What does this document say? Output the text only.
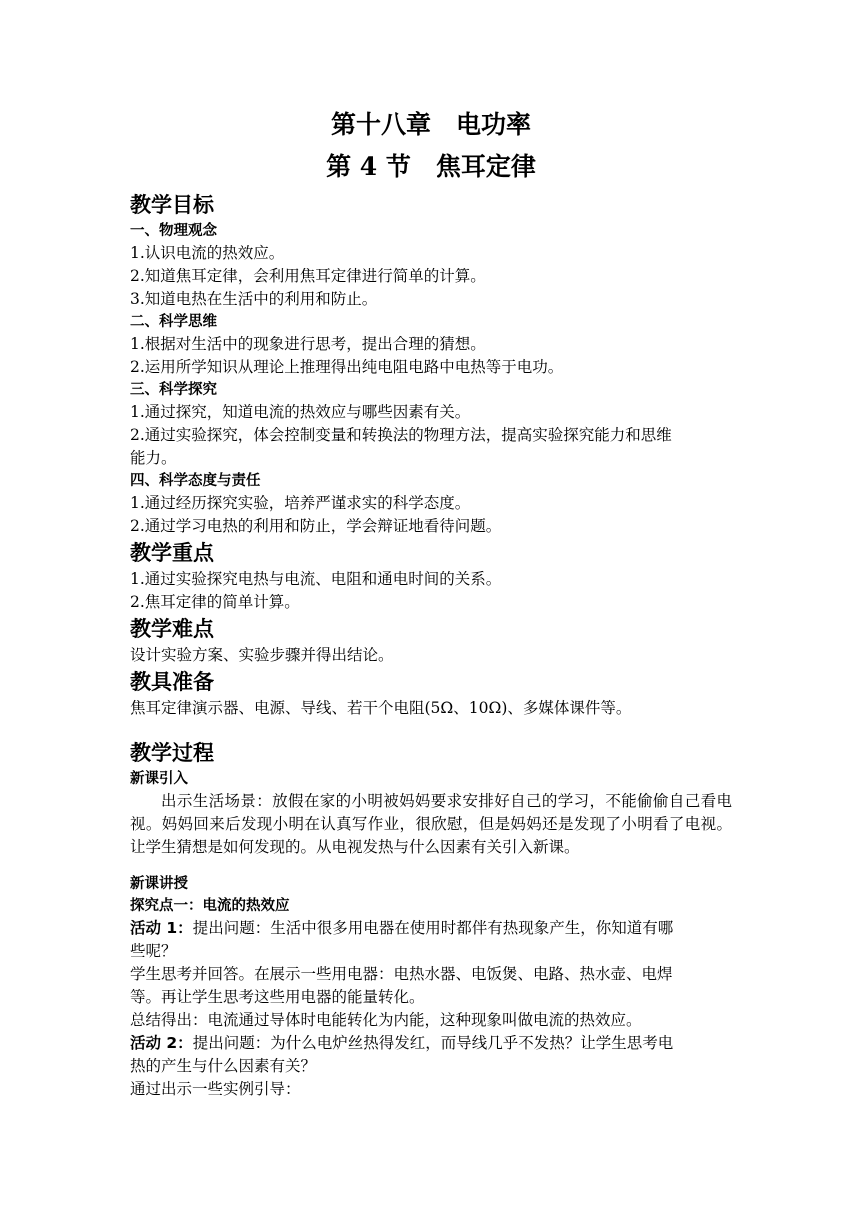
第十八章　电功率
第 4 节　焦耳定律
教学目标
一、物理观念

1.认识电流的热效应。

2.知道焦耳定律，会利用焦耳定律进行简单的计算。

3.知道电热在生活中的利用和防止。

二、科学思维

1.根据对生活中的现象进行思考，提出合理的猜想。

2.运用所学知识从理论上推理得出纯电阻电路中电热等于电功。

三、科学探究

1.通过探究，知道电流的热效应与哪些因素有关。

2.通过实验探究，体会控制变量和转换法的物理方法，提高实验探究能力和思维

能力。

四、科学态度与责任

1.通过经历探究实验，培养严谨求实的科学态度。

2.通过学习电热的利用和防止，学会辩证地看待问题。

教学重点

1.通过实验探究电热与电流、电阻和通电时间的关系。

2.焦耳定律的简单计算。

教学难点

设计实验方案、实验步骤并得出结论。

教具准备

焦耳定律演示器、电源、导线、若干个电阻(5Ω、10Ω)、多媒体课件等。

教学过程
新课引入

出示生活场景：放假在家的小明被妈妈要求安排好自己的学习，不能偷偷自己看电视。妈妈回来后发现小明在认真写作业，很欣慰，但是妈妈还是发现了小明看了电视。让学生猜想是如何发现的。从电视发热与什么因素有关引入新课。

新课讲授
探究点一：电流的热效应

活动 1：提出问题：生活中很多用电器在使用时都伴有热现象产生，你知道有哪

些呢？

学生思考并回答。在展示一些用电器：电热水器、电饭煲、电路、热水壶、电焊

等。再让学生思考这些用电器的能量转化。

总结得出：电流通过导体时电能转化为内能，这种现象叫做电流的热效应。

活动 2：提出问题：为什么电炉丝热得发红，而导线几乎不发热？让学生思考电

热的产生与什么因素有关？

通过出示一些实例引导：
